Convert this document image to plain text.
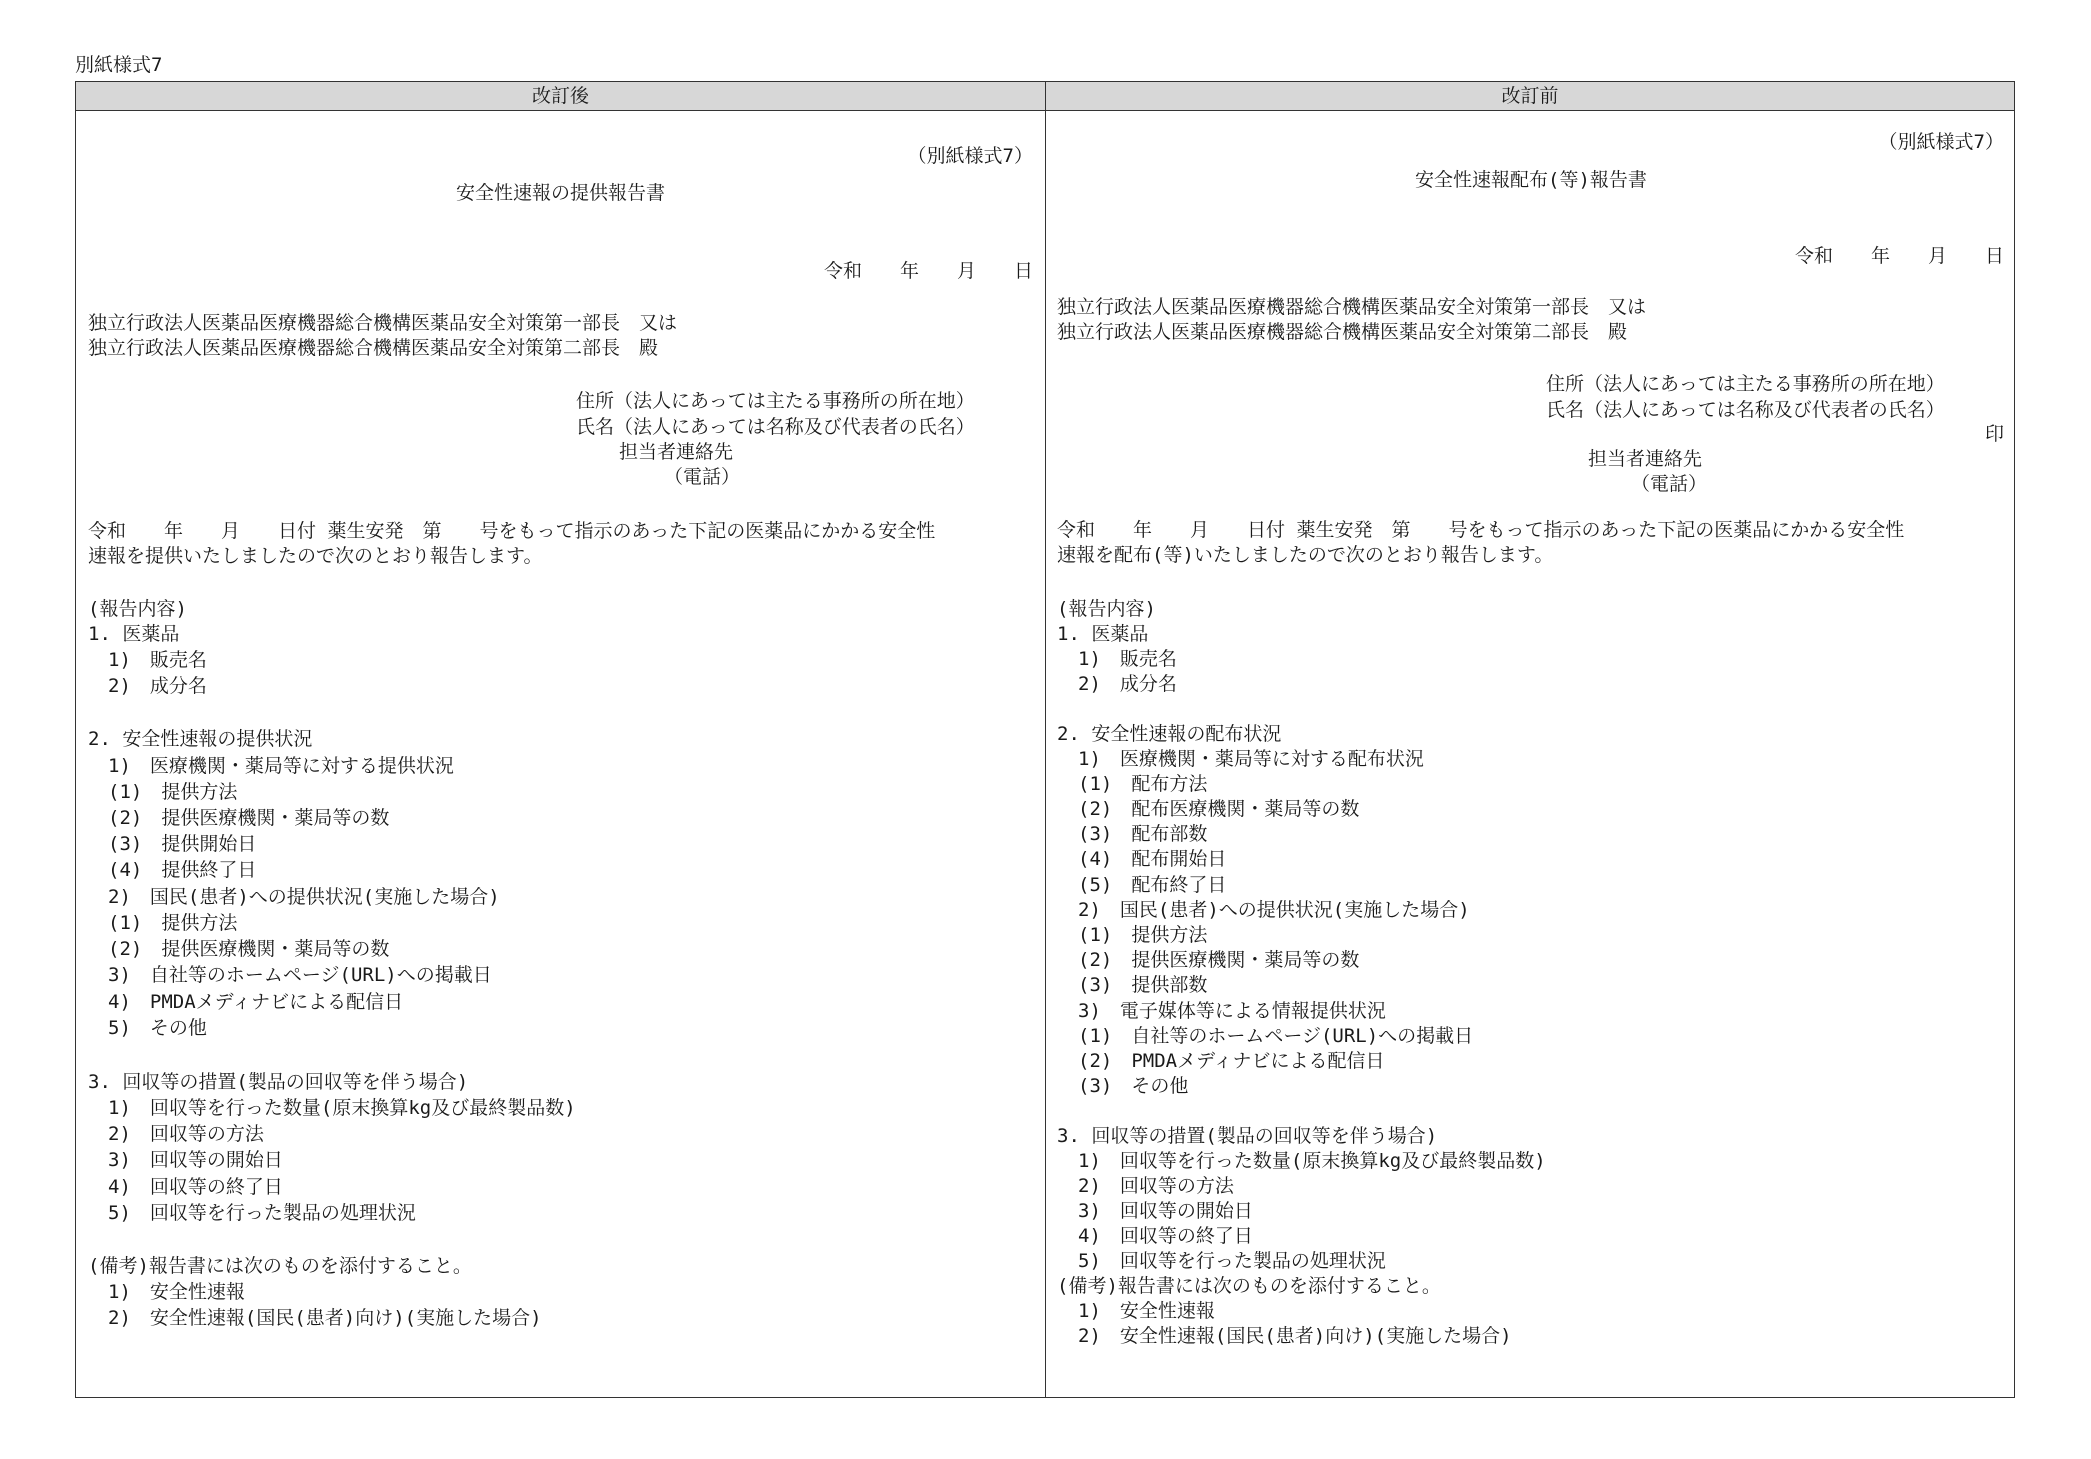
別紙様式7
改訂後	改訂前
（別紙様式7）
安全性速報の提供報告書
令和　　年　　月　　日
独立行政法人医薬品医療機器総合機構医薬品安全対策第一部長　又は
独立行政法人医薬品医療機器総合機構医薬品安全対策第二部長　殿
住所（法人にあっては主たる事務所の所在地）
氏名（法人にあっては名称及び代表者の氏名）
担当者連絡先
（電話）
令和　　年　　月　　日付 薬生安発　第　　号をもって指示のあった下記の医薬品にかかる安全性
速報を提供いたしましたので次のとおり報告します。
(報告内容)
1. 医薬品
1)　販売名
2)　成分名
2. 安全性速報の提供状況
1)　医療機関・薬局等に対する提供状況
(1)　提供方法
(2)　提供医療機関・薬局等の数
(3)　提供開始日
(4)　提供終了日
2)　国民(患者)への提供状況(実施した場合)
(1)　提供方法
(2)　提供医療機関・薬局等の数
3)　自社等のホームページ(URL)への掲載日
4)　PMDAメディナビによる配信日
5)　その他
3. 回収等の措置(製品の回収等を伴う場合)
1)　回収等を行った数量(原末換算kg及び最終製品数)
2)　回収等の方法
3)　回収等の開始日
4)　回収等の終了日
5)　回収等を行った製品の処理状況
(備考)報告書には次のものを添付すること。
1)　安全性速報
2)　安全性速報(国民(患者)向け)(実施した場合)
（別紙様式7）
安全性速報配布(等)報告書
令和　　年　　月　　日
独立行政法人医薬品医療機器総合機構医薬品安全対策第一部長　又は
独立行政法人医薬品医療機器総合機構医薬品安全対策第二部長　殿
住所（法人にあっては主たる事務所の所在地）
氏名（法人にあっては名称及び代表者の氏名）
印
担当者連絡先
（電話）
令和　　年　　月　　日付 薬生安発　第　　号をもって指示のあった下記の医薬品にかかる安全性
速報を配布(等)いたしましたので次のとおり報告します。
(報告内容)
1. 医薬品
1)　販売名
2)　成分名
2. 安全性速報の配布状況
1)　医療機関・薬局等に対する配布状況
(1)　配布方法
(2)　配布医療機関・薬局等の数
(3)　配布部数
(4)　配布開始日
(5)　配布終了日
2)　国民(患者)への提供状況(実施した場合)
(1)　提供方法
(2)　提供医療機関・薬局等の数
(3)　提供部数
3)　電子媒体等による情報提供状況
(1)　自社等のホームページ(URL)への掲載日
(2)　PMDAメディナビによる配信日
(3)　その他
3. 回収等の措置(製品の回収等を伴う場合)
1)　回収等を行った数量(原末換算kg及び最終製品数)
2)　回収等の方法
3)　回収等の開始日
4)　回収等の終了日
5)　回収等を行った製品の処理状況
(備考)報告書には次のものを添付すること。
1)　安全性速報
2)　安全性速報(国民(患者)向け)(実施した場合)
